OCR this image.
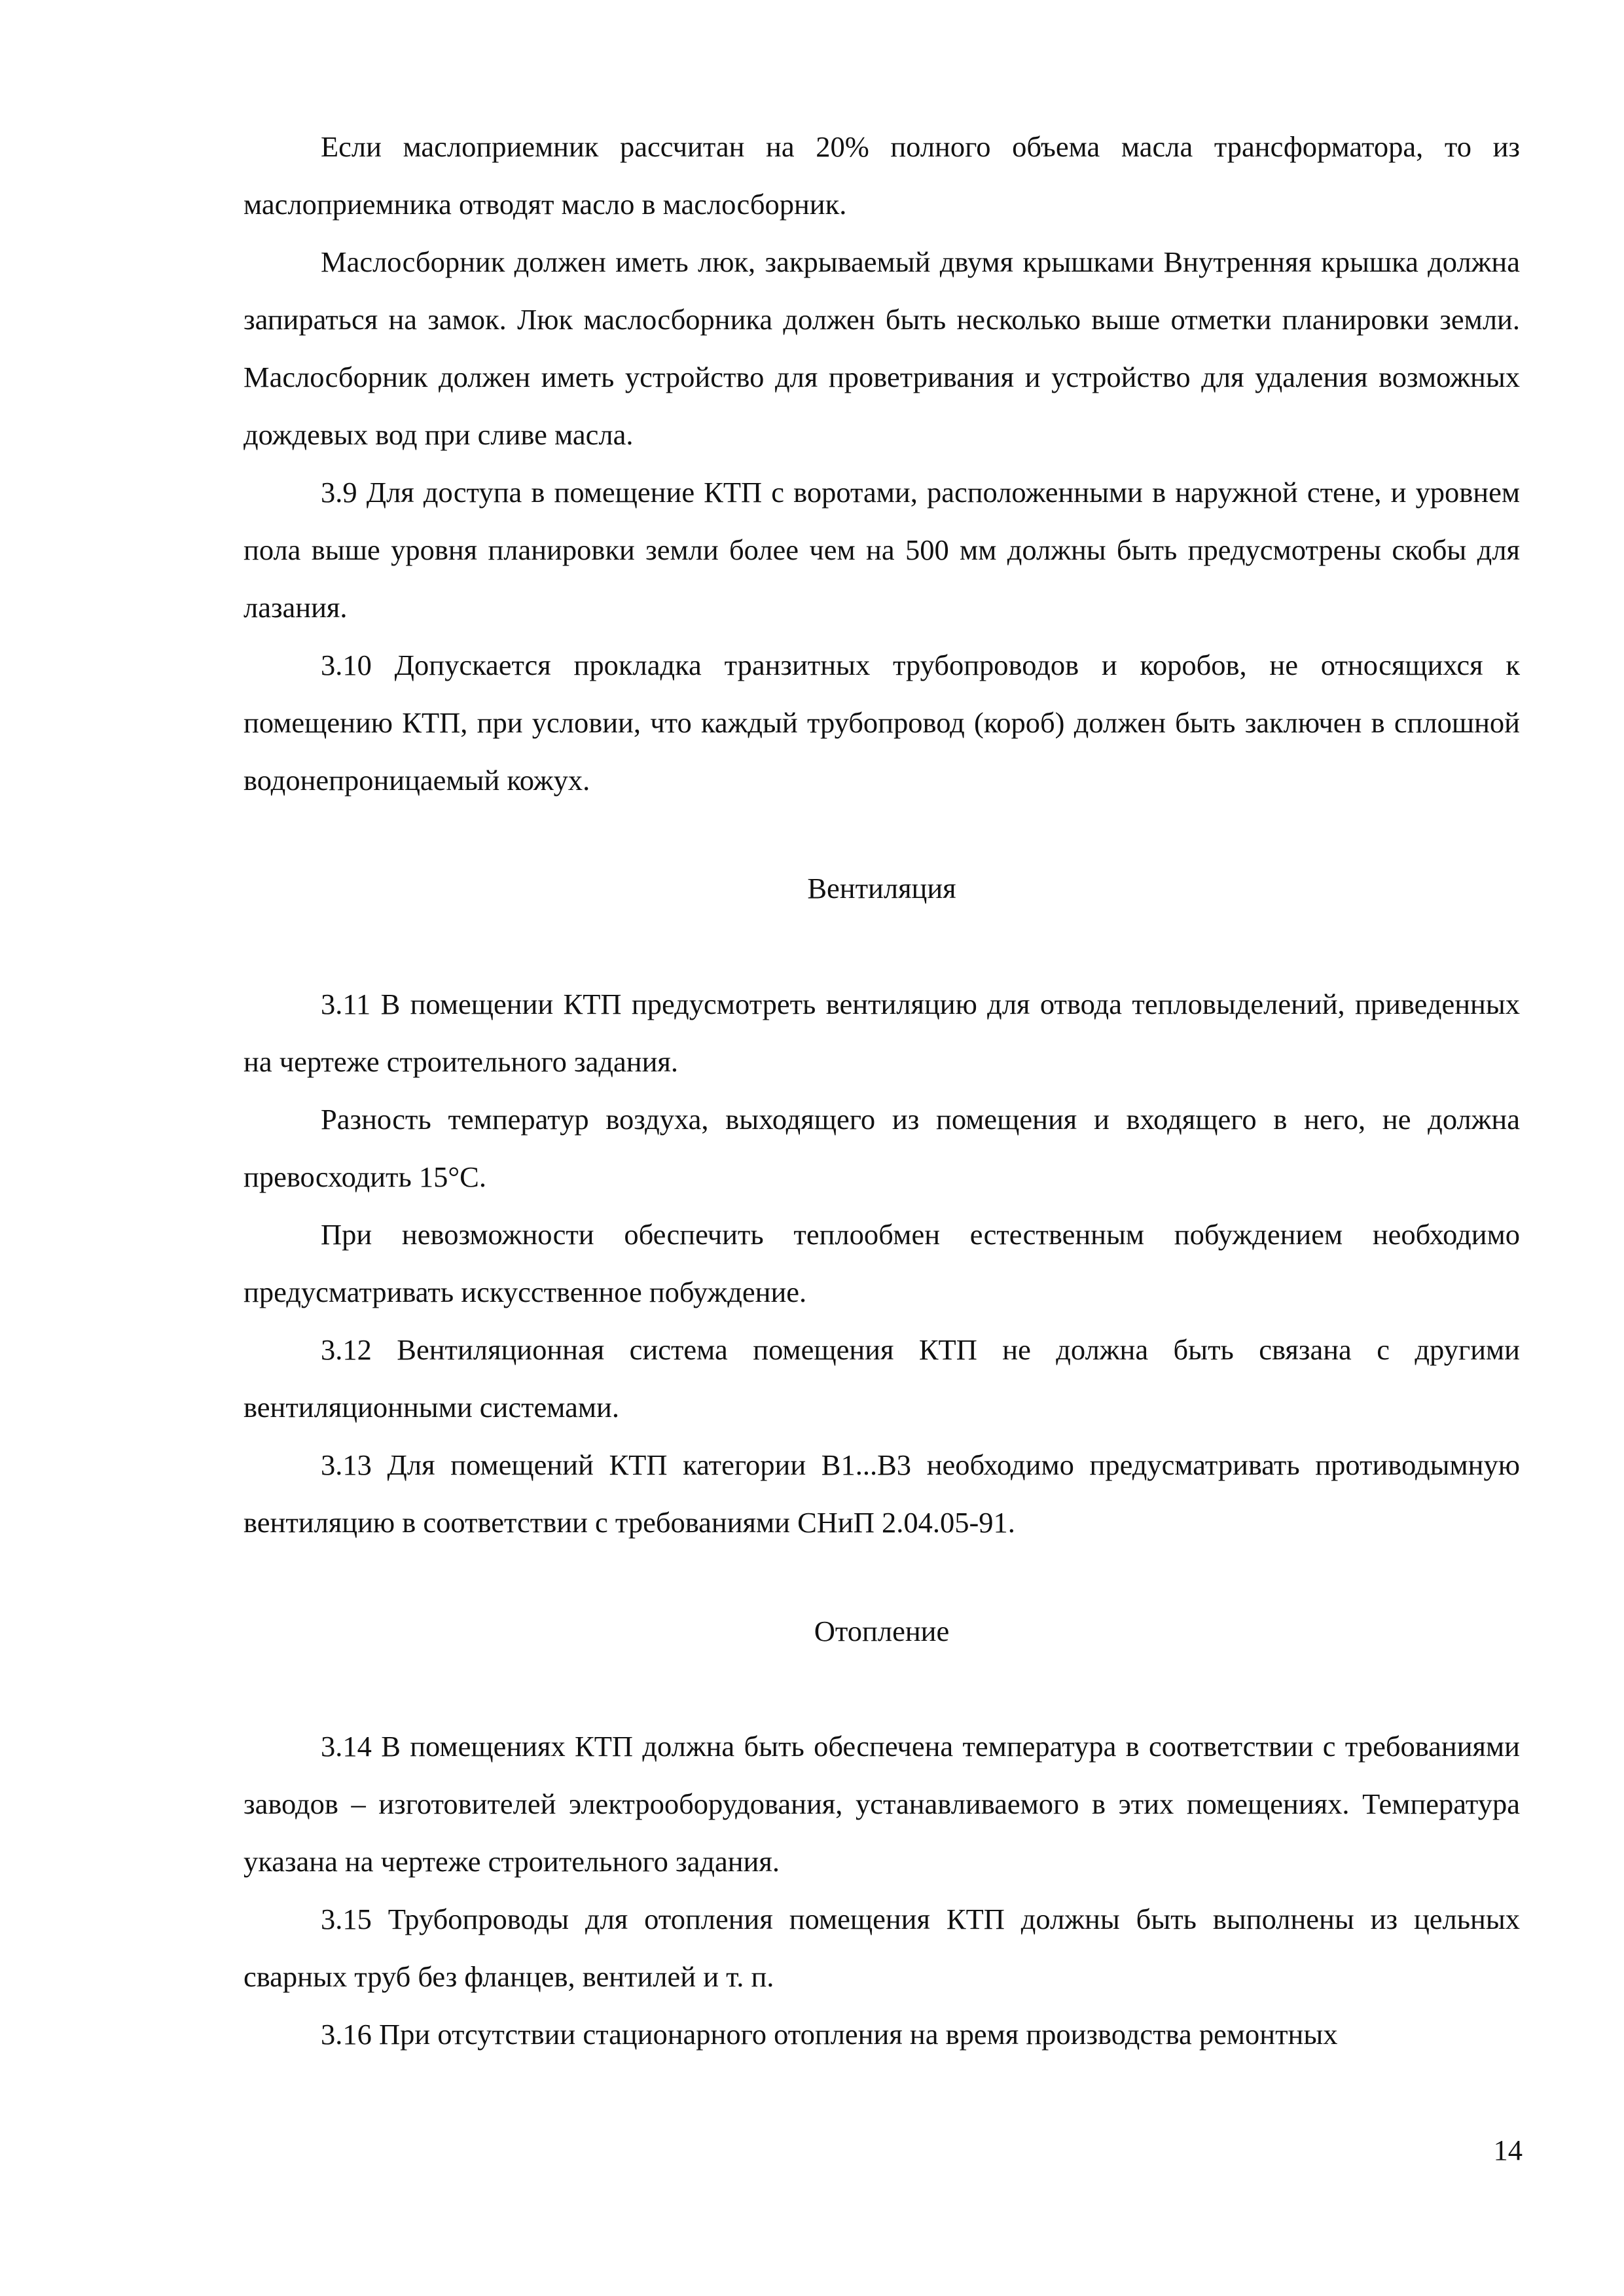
Если маслоприемник рассчитан на 20% полного объема масла трансформатора, то из маслоприемника отводят масло в маслосборник.

Маслосборник должен иметь люк, закрываемый двумя крышками Внутренняя крышка должна запираться на замок. Люк маслосборника должен быть несколько выше отметки планировки земли. Маслосборник должен иметь устройство для проветривания и устройство для удаления возможных дождевых вод при сливе масла.

3.9 Для доступа в помещение КТП с воротами, расположенными в наружной стене, и уровнем пола выше уровня планировки земли более чем на 500 мм должны быть предусмотрены скобы для лазания.

3.10 Допускается прокладка транзитных трубопроводов и коробов, не относящихся к помещению КТП, при условии, что каждый трубопровод (короб) должен быть заключен в сплошной водонепроницаемый кожух.

Вентиляция

3.11 В помещении КТП предусмотреть вентиляцию для отвода тепловыделений, приведенных на чертеже строительного задания.

Разность температур воздуха, выходящего из помещения и входящего в него, не должна превосходить 15°С.

При невозможности обеспечить теплообмен естественным побуждением необходимо предусматривать искусственное побуждение.

3.12 Вентиляционная система помещения КТП не должна быть связана с другими вентиляционными системами.

3.13 Для помещений КТП категории В1...В3 необходимо предусматривать противодымную вентиляцию в соответствии с требованиями СНиП 2.04.05-91.

Отопление

3.14 В помещениях КТП должна быть обеспечена температура в соответствии с требованиями заводов – изготовителей электрооборудования, устанавливаемого в этих помещениях. Температура указана на чертеже строительного задания.

3.15 Трубопроводы для отопления помещения КТП должны быть выполнены из цельных сварных труб без фланцев, вентилей и т. п.

3.16 При отсутствии стационарного отопления на время производства ремонтных

14
